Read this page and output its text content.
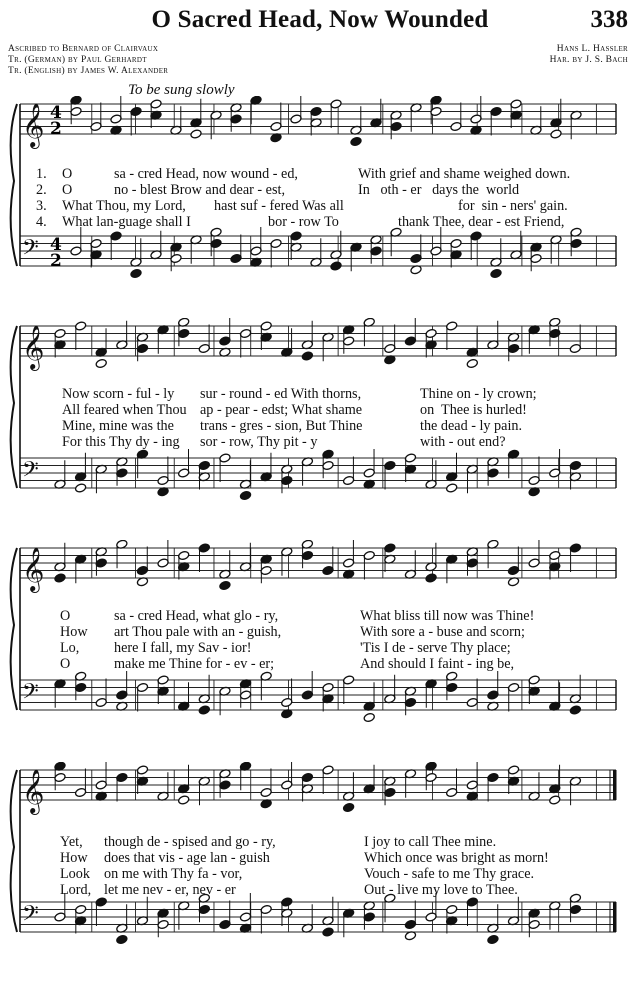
O Sacred Head, Now Wounded	338
Ascribed to Bernard of Clairvaux
Tr. (German) by Paul Gerhardt
Tr. (English) by James W. Alexander
Hans L. Hassler
Har. by J. S. Bach
To be sung slowly
𝄞 4
2
𝄢 4
2
1. O	sa - cred Head, now wound - ed,	With grief and shame weighed down.
2. O	no - blest Brow and dear - est,	In   oth - er   days the  world
3. What Thou, my Lord, hast suf - fered Was all	for  sin - ners' gain.
4. What lan-guage shall I	bor - row To	thank Thee, dear - est Friend,
𝄞
𝄢
Now scorn - ful - ly sur - round - ed With thorns,	Thine on - ly crown;
All feared when Thou ap - pear - edst; What shame	on  Thee is hurled!
Mine, mine was the trans - gres - sion, But Thine	the dead - ly pain.
For this Thy dy - ing sor - row, Thy pit - y	with - out end?
𝄞
𝄢
O	sa - cred Head, what glo - ry,	What bliss till now was Thine!
How art Thou pale with an - guish,	With sore a - buse and scorn;
Lo, here I fall, my Sav - ior!	'Tis I de - serve Thy place;
O	make me Thine for - ev - er;	And should I faint - ing be,
𝄞
𝄢
Yet, though de - spised and go - ry,	I joy to call Thee mine.
How does that vis - age lan - guish	Which once was bright as morn!
Look on me with Thy fa - vor,	Vouch - safe to me Thy grace.
Lord, let me nev - er, nev - er	Out - live my love to Thee.
